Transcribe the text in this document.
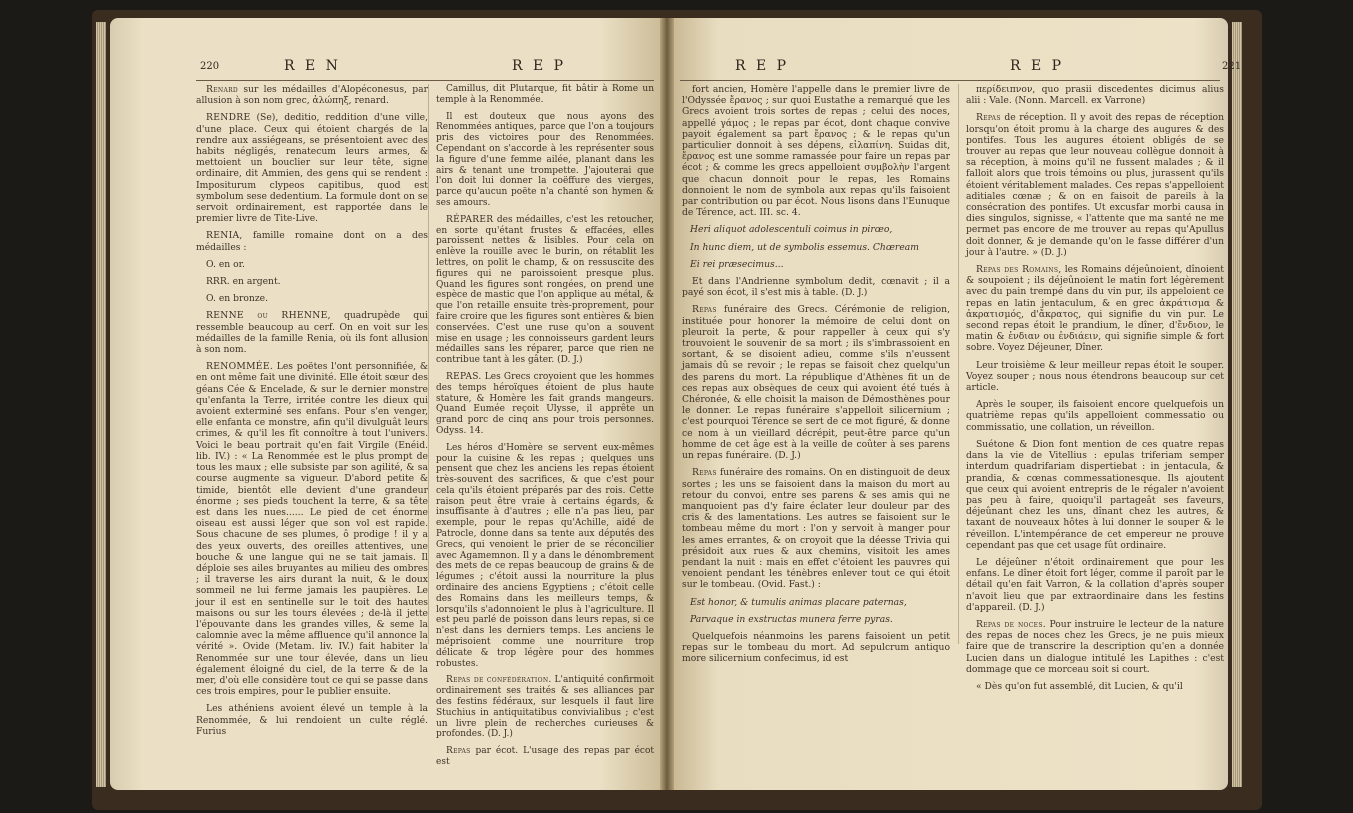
220	R E N	R E P	R E P	R E P	221

Renard sur les médailles d'Alopéconesus, par allusion à son nom grec, ἀλώπηξ, renard.

RENDRE (Se), deditio, reddition d'une ville, d'une place. Ceux qui étoient chargés de la rendre aux assiégeans, se présentoient avec des habits négligés, renatecum leurs armes, & mettoient un bouclier sur leur tête, signe ordinaire, dit Ammien, des gens qui se rendent : Impositurum clypeos capitibus, quod est symbolum sese dedentium. La formule dont on se servoit ordinairement, est rapportée dans le premier livre de Tite-Live.

RENIA, famille romaine dont on a des médailles :

O. en or.

RRR. en argent.

O. en bronze.

RENNE ou RHENNE, quadrupède qui ressemble beaucoup au cerf. On en voit sur les médailles de la famille Renia, où ils font allusion à son nom.

RENOMMÉE. Les poëtes l'ont personnifiée, & en ont même fait une divinité. Elle étoit sœur des géans Cée & Encelade, & sur le dernier monstre qu'enfanta la Terre, irritée contre les dieux qui avoient exterminé ses enfans. Pour s'en venger, elle enfanta ce monstre, afin qu'il divulguât leurs crimes, & qu'il les fît connoître à tout l'univers. Voici le beau portrait qu'en fait Virgile (Enéid. lib. IV.) : « La Renommée est le plus prompt de tous les maux ; elle subsiste par son agilité, & sa course augmente sa vigueur. D'abord petite & timide, bientôt elle devient d'une grandeur énorme ; ses pieds touchent la terre, & sa tête est dans les nues...... Le pied de cet énorme oiseau est aussi léger que son vol est rapide. Sous chacune de ses plumes, ô prodige ! il y a des yeux ouverts, des oreilles attentives, une bouche & une langue qui ne se tait jamais. Il déploie ses ailes bruyantes au milieu des ombres ; il traverse les airs durant la nuit, & le doux sommeil ne lui ferme jamais les paupières. Le jour il est en sentinelle sur le toit des hautes maisons ou sur les tours élevées ; de-là il jette l'épouvante dans les grandes villes, & seme la calomnie avec la même affluence qu'il annonce la vérité ». Ovide (Metam. liv. IV.) fait habiter la Renommée sur une tour élevée, dans un lieu également éloigné du ciel, de la terre & de la mer, d'où elle considère tout ce qui se passe dans ces trois empires, pour le publier ensuite.

Les athéniens avoient élevé un temple à la Renommée, & lui rendoient un culte réglé. Furius

Camillus, dit Plutarque, fit bâtir à Rome un temple à la Renommée.

Il est douteux que nous ayons des Renommées antiques, parce que l'on a toujours pris des victoires pour des Renommées. Cependant on s'accorde à les représenter sous la figure d'une femme ailée, planant dans les airs & tenant une trompette. J'ajouterai que l'on doit lui donner la coëffure des vierges, parce qu'aucun poëte n'a chanté son hymen & ses amours.

RÉPARER des médailles, c'est les retoucher, en sorte qu'étant frustes & effacées, elles paroissent nettes & lisibles. Pour cela on enlève la rouille avec le burin, on rétablit les lettres, on polit le champ, & on ressuscite des figures qui ne paroissoient presque plus. Quand les figures sont rongées, on prend une espèce de mastic que l'on applique au métal, & que l'on retaille ensuite très-proprement, pour faire croire que les figures sont entières & bien conservées. C'est une ruse qu'on a souvent mise en usage ; les connoisseurs gardent leurs médailles sans les réparer, parce que rien ne contribue tant à les gâter. (D. J.)

REPAS. Les Grecs croyoient que les hommes des temps héroïques étoient de plus haute stature, & Homère les fait grands mangeurs. Quand Eumée reçoit Ulysse, il apprête un grand porc de cinq ans pour trois personnes. Odyss. 14.

Les héros d'Homère se servent eux-mêmes pour la cuisine & les repas ; quelques uns pensent que chez les anciens les repas étoient très-souvent des sacrifices, & que c'est pour cela qu'ils étoient préparés par des rois. Cette raison peut être vraie à certains égards, & insuffisante à d'autres ; elle n'a pas lieu, par exemple, pour le repas qu'Achille, aidé de Patrocle, donne dans sa tente aux députés des Grecs, qui venoient le prier de se réconcilier avec Agamemnon. Il y a dans le dénombrement des mets de ce repas beaucoup de grains & de légumes ; c'étoit aussi la nourriture la plus ordinaire des anciens Egyptiens ; c'étoit celle des Romains dans les meilleurs temps, & lorsqu'ils s'adonnoient le plus à l'agriculture. Il est peu parlé de poisson dans leurs repas, si ce n'est dans les derniers temps. Les anciens le méprisoient comme une nourriture trop délicate & trop légère pour des hommes robustes.

Repas de confédération. L'antiquité confirmoit ordinairement ses traités & ses alliances par des festins fédéraux, sur lesquels il faut lire Stuchius in antiquitatibus convivialibus ; c'est un livre plein de recherches curieuses & profondes. (D. J.)

Repas par écot. L'usage des repas par écot est

fort ancien, Homère l'appelle dans le premier livre de l'Odyssée ἔρανος ; sur quoi Eustathe a remarqué que les Grecs avoient trois sortes de repas ; celui des noces, appellé γάμος ; le repas par écot, dont chaque convive payoit également sa part ἔρανος ; & le repas qu'un particulier donnoit à ses dépens, εἰλαπίνη. Suidas dit, ἔρανος est une somme ramassée pour faire un repas par écot ; & comme les grecs appelloient συμβολὴν l'argent que chacun donnoit pour le repas, les Romains donnoient le nom de symbola aux repas qu'ils faisoient par contribution ou par écot. Nous lisons dans l'Eunuque de Térence, act. III. sc. 4.

Heri aliquot adolescentuli coimus in pirœo,

In hunc diem, ut de symbolis essemus. Chœream

Ei rei præsecimus...

Et dans l'Andrienne symbolum dedit, cœnavit ; il a payé son écot, il s'est mis à table. (D. J.)

Repas funéraire des Grecs. Cérémonie de religion, instituée pour honorer la mémoire de celui dont on pleuroit la perte, & pour rappeller à ceux qui s'y trouvoient le souvenir de sa mort ; ils s'imbrassoient en sortant, & se disoient adieu, comme s'ils n'eussent jamais dû se revoir ; le repas se faisoit chez quelqu'un des parens du mort. La république d'Athènes fit un de ces repas aux obsèques de ceux qui avoient été tués à Chéronée, & elle choisit la maison de Démosthènes pour le donner. Le repas funéraire s'appelloit silicernium ; c'est pourquoi Térence se sert de ce mot figuré, & donne ce nom à un vieillard décrépit, peut-être parce qu'un homme de cet âge est à la veille de coûter à ses parens un repas funéraire. (D. J.)

Repas funéraire des romains. On en distinguoit de deux sortes ; les uns se faisoient dans la maison du mort au retour du convoi, entre ses parens & ses amis qui ne manquoient pas d'y faire éclater leur douleur par des cris & des lamentations. Les autres se faisoient sur le tombeau même du mort : l'on y servoit à manger pour les ames errantes, & on croyoit que la déesse Trivia qui présidoit aux rues & aux chemins, visitoit les ames pendant la nuit : mais en effet c'étoient les pauvres qui venoient pendant les ténèbres enlever tout ce qui étoit sur le tombeau. (Ovid. Fast.) :

Est honor, & tumulis animas placare paternas,

Parvaque in exstructas munera ferre pyras.

Quelquefois néanmoins les parens faisoient un petit repas sur le tombeau du mort. Ad sepulcrum antiquo more silicernium confecimus, id est

περίδειπνον, quo prasii discedentes dicimus alius alii : Vale. (Nonn. Marcell. ex Varrone)

Repas de réception. Il y avoit des repas de réception lorsqu'on étoit promu à la charge des augures & des pontifes. Tous les augures étoient obligés de se trouver au repas que leur nouveau collègue donnoit à sa réception, à moins qu'il ne fussent malades ; & il falloit alors que trois témoins ou plus, jurassent qu'ils étoient véritablement malades. Ces repas s'appelloient aditiales cœnæ ; & on en faisoit de pareils à la consécration des pontifes. Ut excusfar morbi causa in dies singulos, signisse, « l'attente que ma santé ne me permet pas encore de me trouver au repas qu'Apullus doit donner, & je demande qu'on le fasse différer d'un jour à l'autre. » (D. J.)

Repas des Romains, les Romains déjeûnoient, dînoient & soupoient ; ils déjeûnoient le matin fort légèrement avec du pain trempé dans du vin pur, ils appeloient ce repas en latin jentaculum, & en grec ἀκράτισμα & ἀκρατισμός, d'ἄκρατος, qui signifie du vin pur. Le second repas étoit le prandium, le dîner, d'ἔνδιον, le matin & ἐνδιαν ou ἐνδιάειν, qui signifie simple & fort sobre. Voyez Déjeuner, Dîner.

Leur troisième & leur meilleur repas étoit le souper. Voyez souper ; nous nous étendrons beaucoup sur cet article.

Après le souper, ils faisoient encore quelquefois un quatrième repas qu'ils appelloient commessatio ou commissatio, une collation, un réveillon.

Suétone & Dion font mention de ces quatre repas dans la vie de Vitellius : epulas triferiam semper interdum quadrifariam dispertiebat : in jentacula, & prandia, & cœnas commessationesque. Ils ajoutent que ceux qui avoient entrepris de le régaler n'avoient pas peu à faire, quoiqu'il partageât ses faveurs, déjeûnant chez les uns, dînant chez les autres, & taxant de nouveaux hôtes à lui donner le souper & le réveillon. L'intempérance de cet empereur ne prouve cependant pas que cet usage fût ordinaire.

Le déjeûner n'étoit ordinairement que pour les enfans. Le dîner étoit fort léger, comme il paroît par le détail qu'en fait Varron, & la collation d'après souper n'avoit lieu que par extraordinaire dans les festins d'appareil. (D. J.)

Repas de noces. Pour instruire le lecteur de la nature des repas de noces chez les Grecs, je ne puis mieux faire que de transcrire la description qu'en a donnée Lucien dans un dialogue intitulé les Lapithes : c'est dommage que ce morceau soit si court.

« Dès qu'on fut assemblé, dit Lucien, & qu'il
